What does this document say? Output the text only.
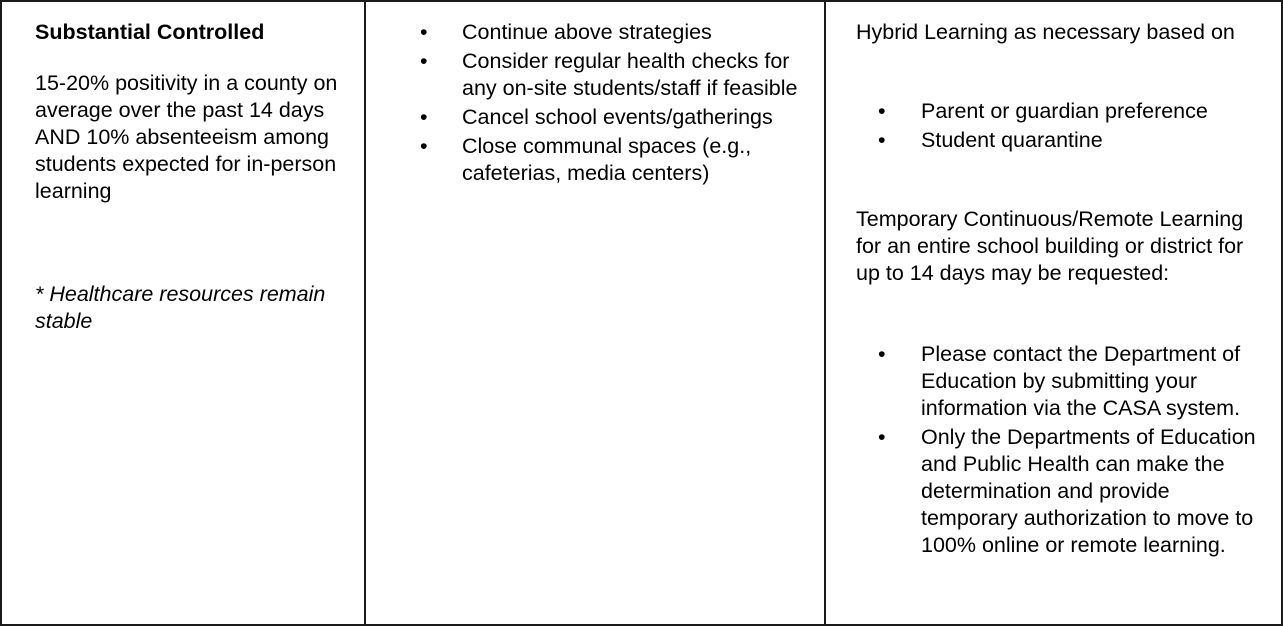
Substantial Controlled

15-20% positivity in a county on average over the past 14 days AND 10% absenteeism among students expected for in-person learning

* Healthcare resources remain stable

• Continue above strategies
• Consider regular health checks for any on-site students/staff if feasible
• Cancel school events/gatherings
• Close communal spaces (e.g., cafeterias, media centers)

Hybrid Learning as necessary based on

• Parent or guardian preference
• Student quarantine

Temporary Continuous/Remote Learning for an entire school building or district for up to 14 days may be requested:

• Please contact the Department of Education by submitting your information via the CASA system.
• Only the Departments of Education and Public Health can make the determination and provide temporary authorization to move to 100% online or remote learning.
